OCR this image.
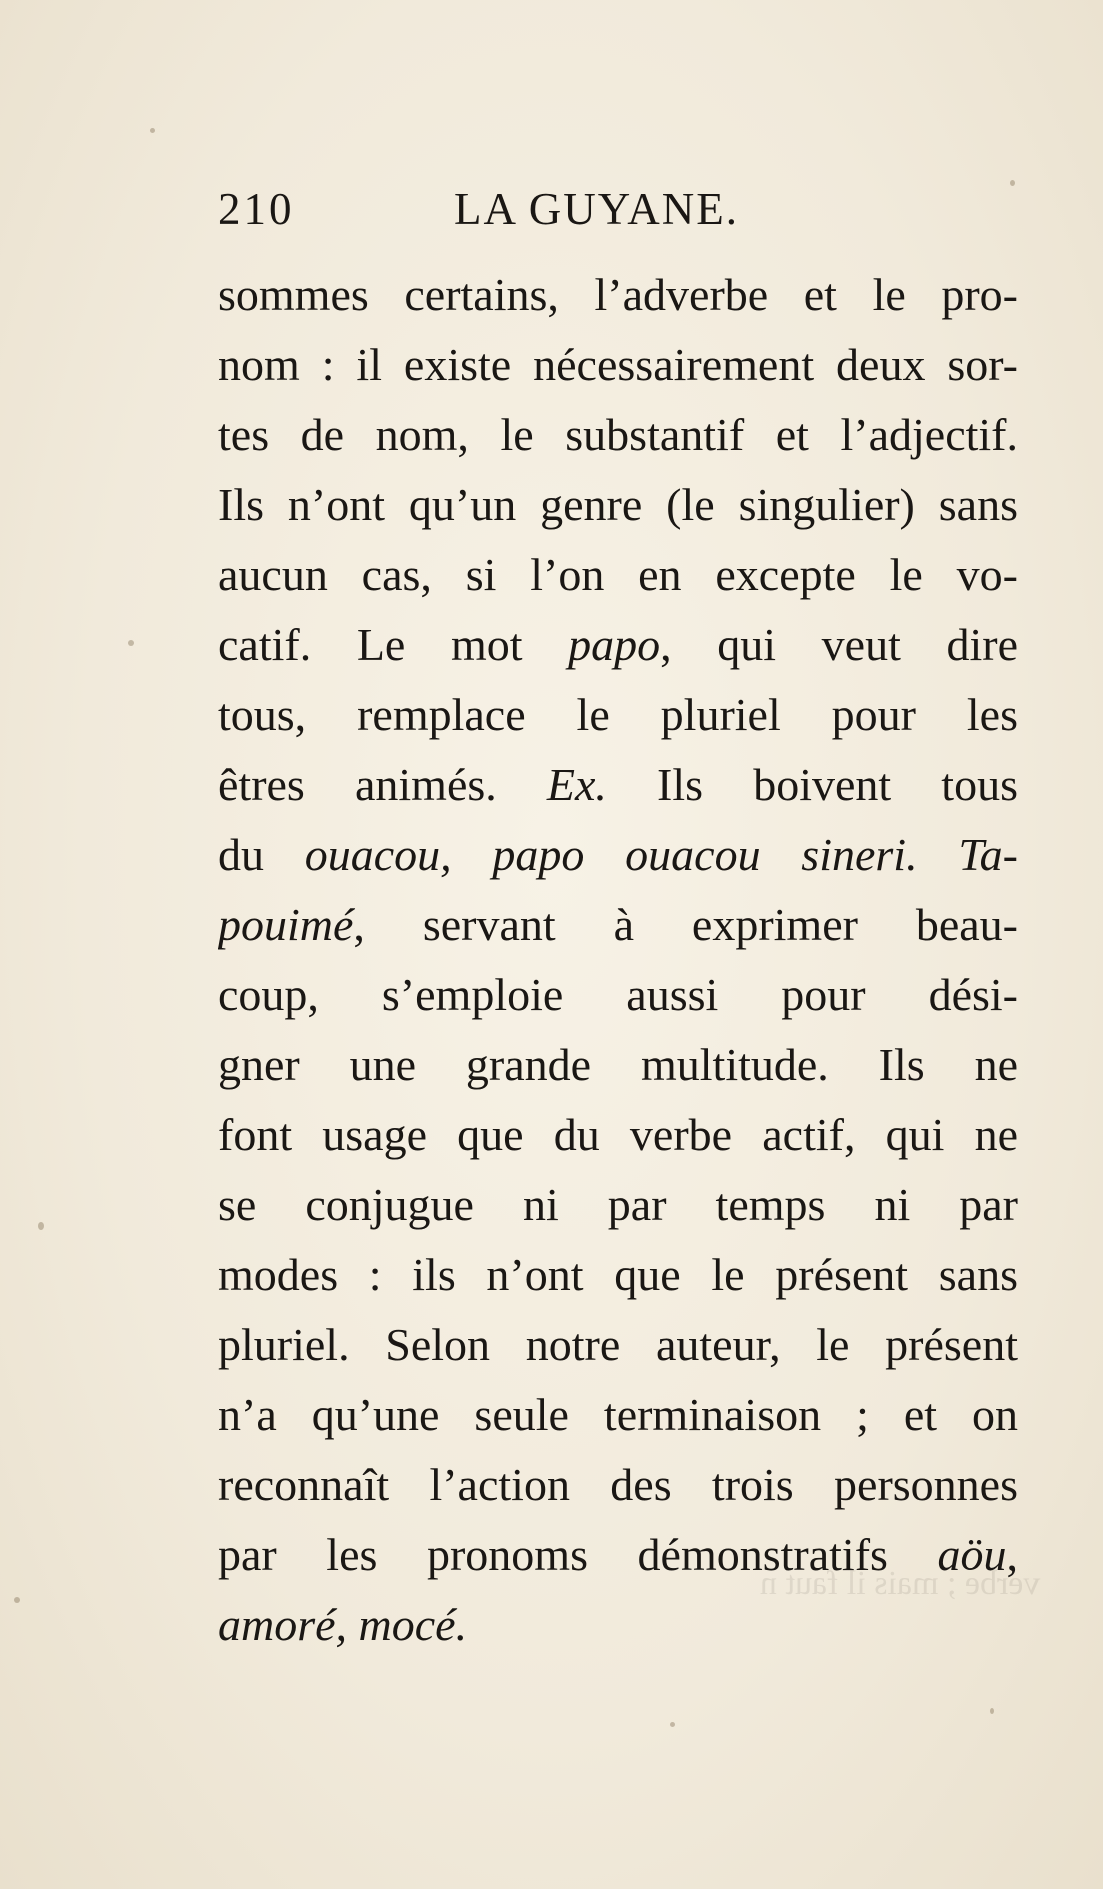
210	LA GUYANE.
sommes certains, l’adverbe et le pro-
nom : il existe nécessairement deux sor-
tes de nom, le substantif et l’adjectif.
Ils n’ont qu’un genre (le singulier) sans
aucun cas, si l’on en excepte le vo-
catif. Le mot papo, qui veut dire
tous, remplace le pluriel pour les
êtres animés. Ex. Ils boivent tous
du ouacou, papo ouacou sineri. Ta-
pouimé, servant à exprimer beau-
coup, s’emploie aussi pour dési-
gner une grande multitude. Ils ne
font usage que du verbe actif, qui ne
se conjugue ni par temps ni par
modes : ils n’ont que le présent sans
pluriel. Selon notre auteur, le présent
n’a qu’une seule terminaison ; et on
reconnaît l’action des trois personnes
par les pronoms démonstratifs aöu,
amoré, mocé.
verbe ; mais il faut n
